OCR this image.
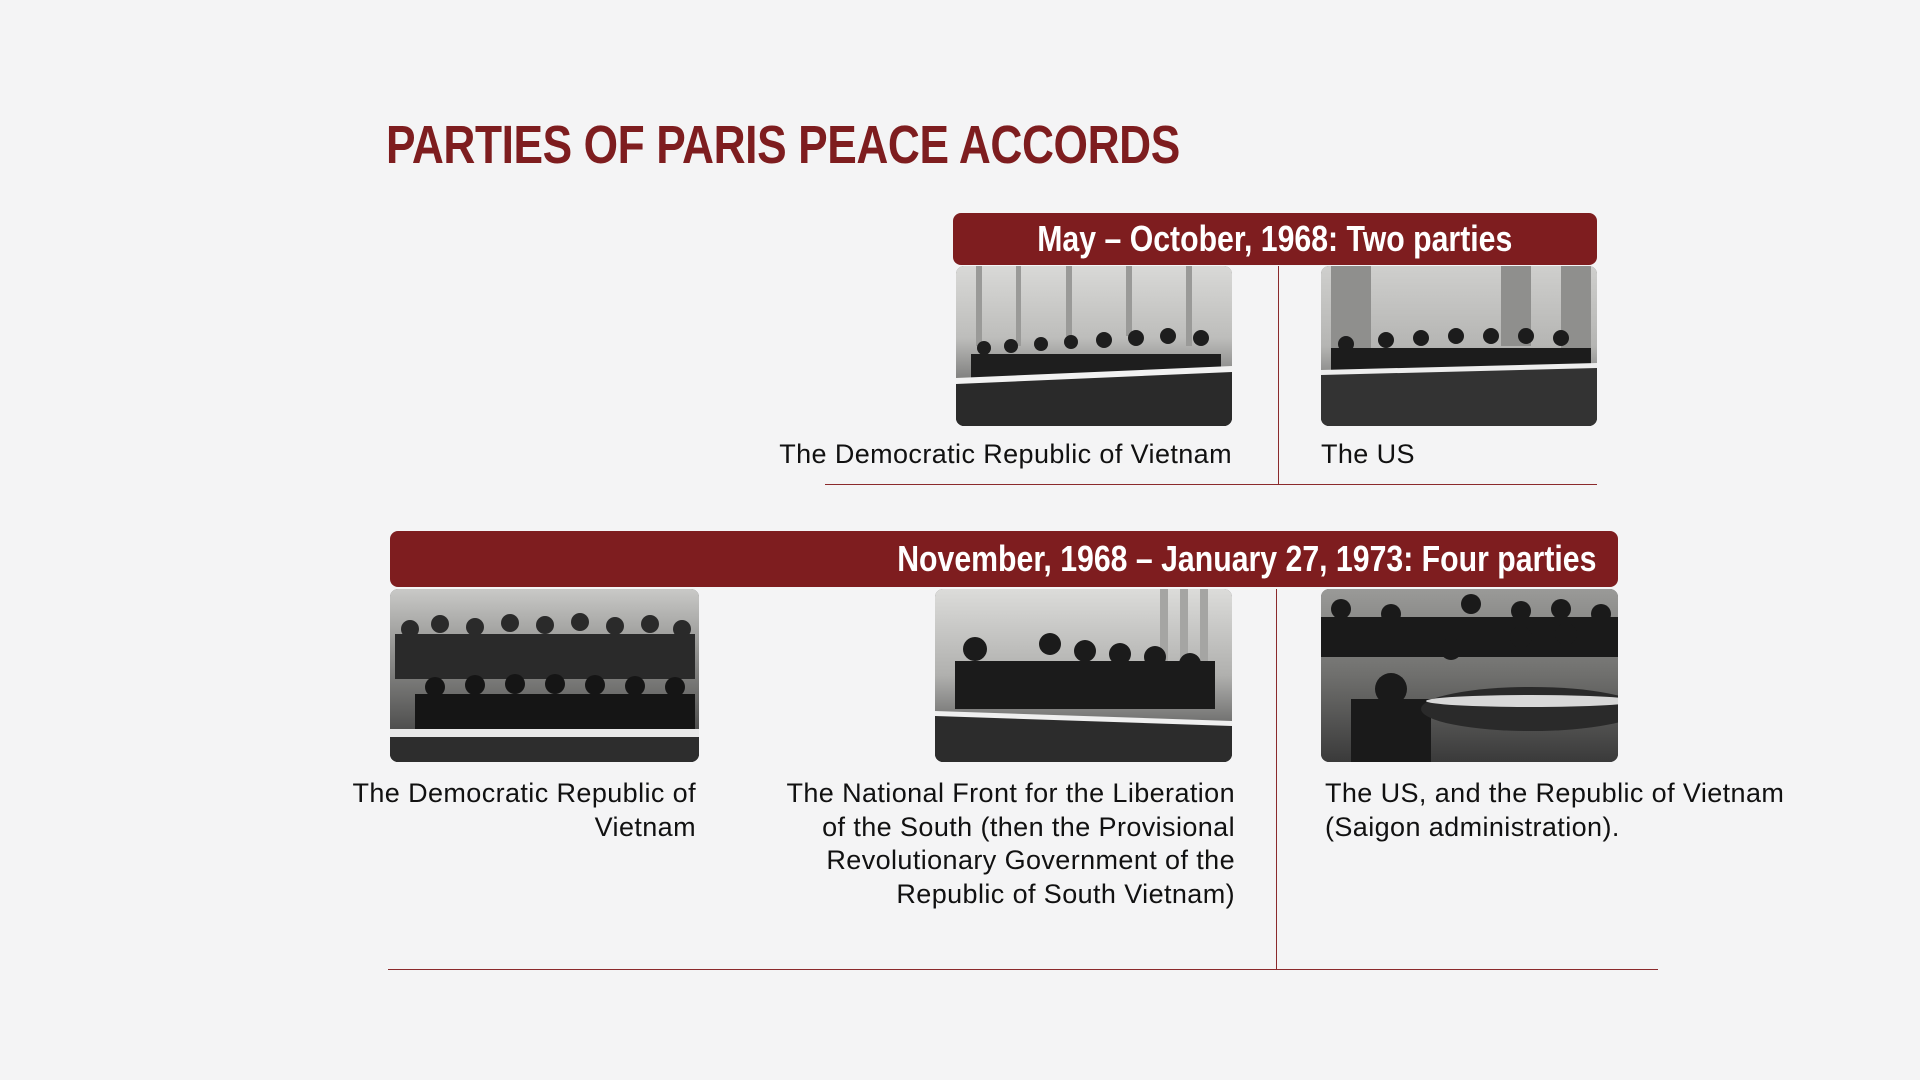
PARTIES OF PARIS PEACE ACCORDS
May – October, 1968: Two parties

The Democratic Republic of Vietnam	The US

November, 1968 – January 27, 1973: Four parties

The Democratic Republic of Vietnam

The National Front for the Liberation of the South (then the Provisional Revolutionary Government of the Republic of South Vietnam)

The US, and the Republic of Vietnam (Saigon administration).
